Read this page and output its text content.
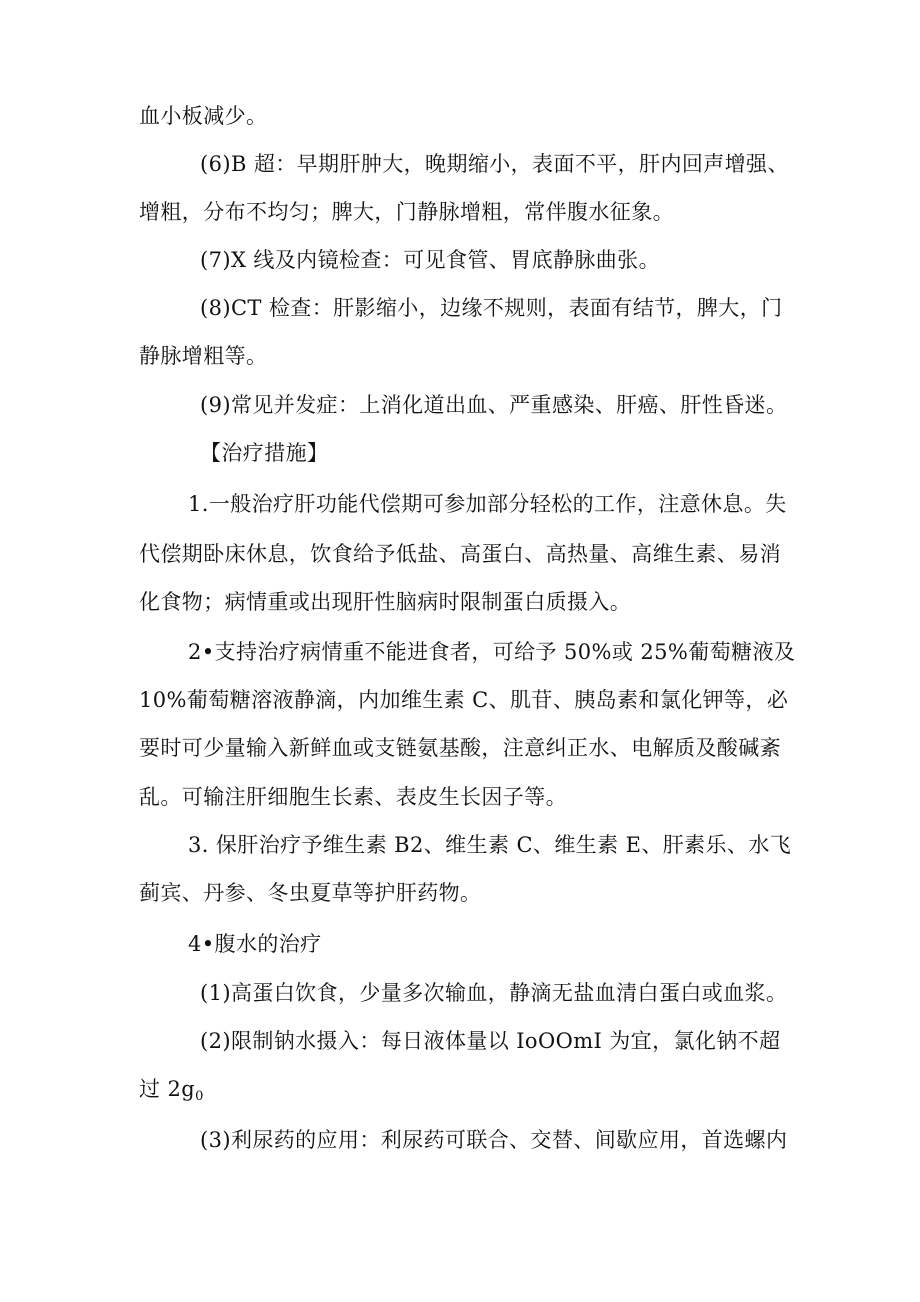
血小板减少。
(6)B 超：早期肝肿大，晚期缩小，表面不平，肝内回声增强、
增粗，分布不均匀；脾大，门静脉增粗，常伴腹水征象。
(7)X 线及内镜检查：可见食管、胃底静脉曲张。
(8)CT 检查：肝影缩小，边缘不规则，表面有结节，脾大，门
静脉增粗等。
(9)常见并发症：上消化道出血、严重感染、肝癌、肝性昏迷。
【治疗措施】
1.一般治疗肝功能代偿期可参加部分轻松的工作，注意休息。失
代偿期卧床休息，饮食给予低盐、高蛋白、高热量、高维生素、易消
化食物；病情重或出现肝性脑病时限制蛋白质摄入。
2•支持治疗病情重不能进食者，可给予 50%或 25%葡萄糖液及
10%葡萄糖溶液静滴，内加维生素 C、肌苷、胰岛素和氯化钾等，必
要时可少量输入新鲜血或支链氨基酸，注意纠正水、电解质及酸碱紊
乱。可输注肝细胞生长素、表皮生长因子等。
3. 保肝治疗予维生素 B2、维生素 C、维生素 E、肝素乐、水飞
蓟宾、丹参、冬虫夏草等护肝药物。
4•腹水的治疗
(1)高蛋白饮食，少量多次输血，静滴无盐血清白蛋白或血浆。
(2)限制钠水摄入：每日液体量以 IoOOmI 为宜，氯化钠不超
过 $2g_0$
(3)利尿药的应用：利尿药可联合、交替、间歇应用，首选螺内
